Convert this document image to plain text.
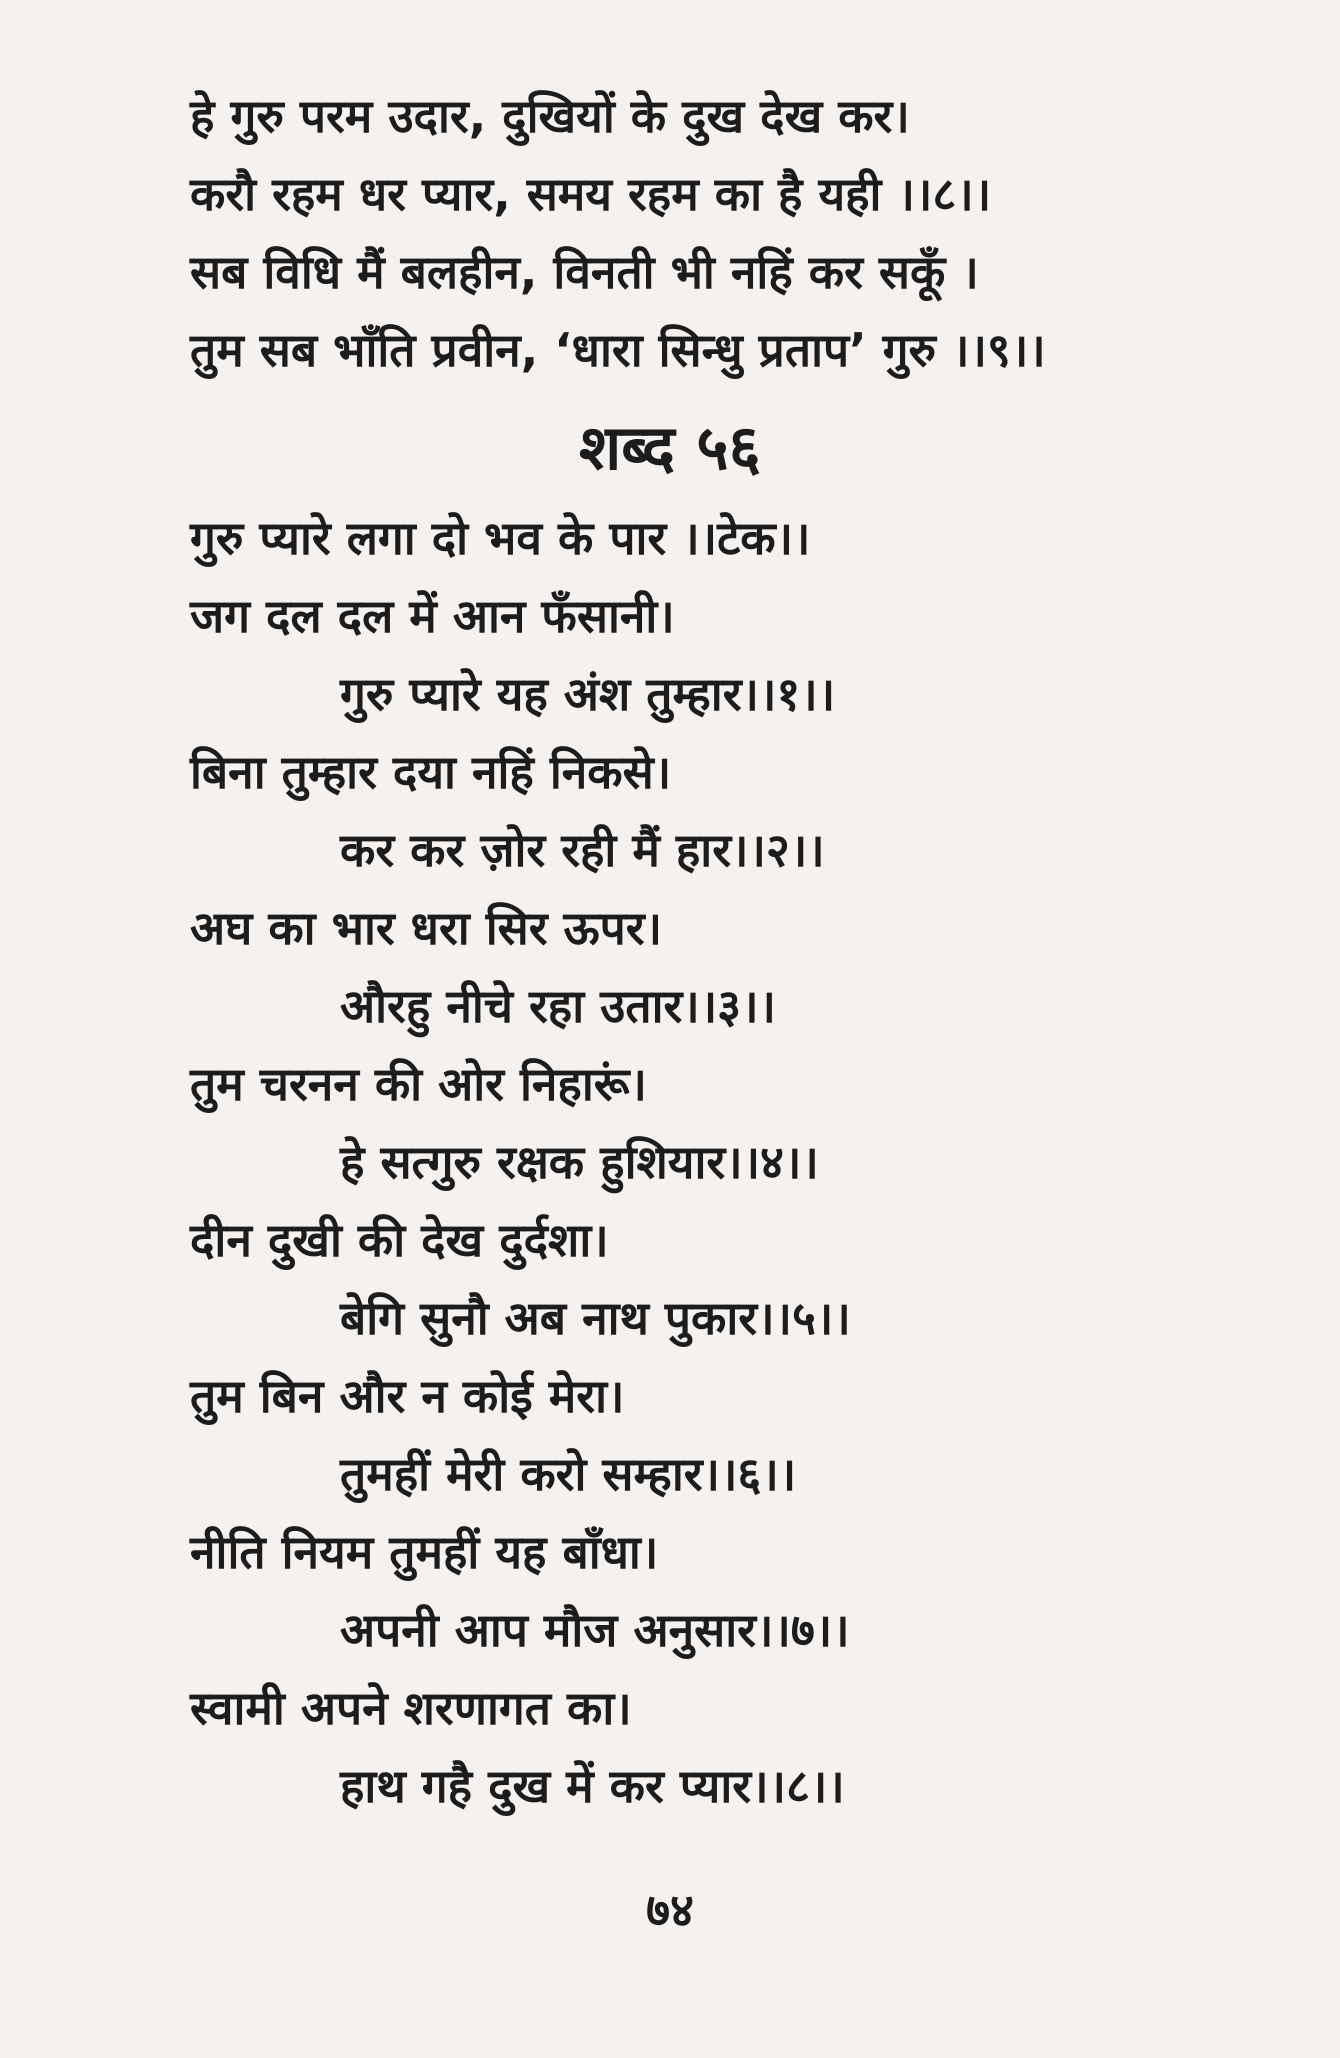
हे गुरु परम उदार, दुखियों के दुख देख कर।
करौ रहम धर प्यार, समय रहम का है यही ।।८।।
सब विधि मैं बलहीन, विनती भी नहिं कर सकूँ ।
तुम सब भाँति प्रवीन, ‘धारा सिन्धु प्रताप’ गुरु ।।९।।
शब्द ५६
गुरु प्यारे लगा दो भव के पार ।।टेक।।
जग दल दल में आन फँसानी।
गुरु प्यारे यह अंश तुम्हार।।१।।
बिना तुम्हार दया नहिं निकसे।
कर कर ज़ोर रही मैं हार।।२।।
अघ का भार धरा सिर ऊपर।
औरहु नीचे रहा उतार।।३।।
तुम चरनन की ओर निहारूं।
हे सत्गुरु रक्षक हुशियार।।४।।
दीन दुखी की देख दुर्दशा।
बेगि सुनौ अब नाथ पुकार।।५।।
तुम बिन और न कोई मेरा।
तुमहीं मेरी करो सम्हार।।६।।
नीति नियम तुमहीं यह बाँधा।
अपनी आप मौज अनुसार।।७।।
स्वामी अपने शरणागत का।
हाथ गहै दुख में कर प्यार।।८।।
७४
